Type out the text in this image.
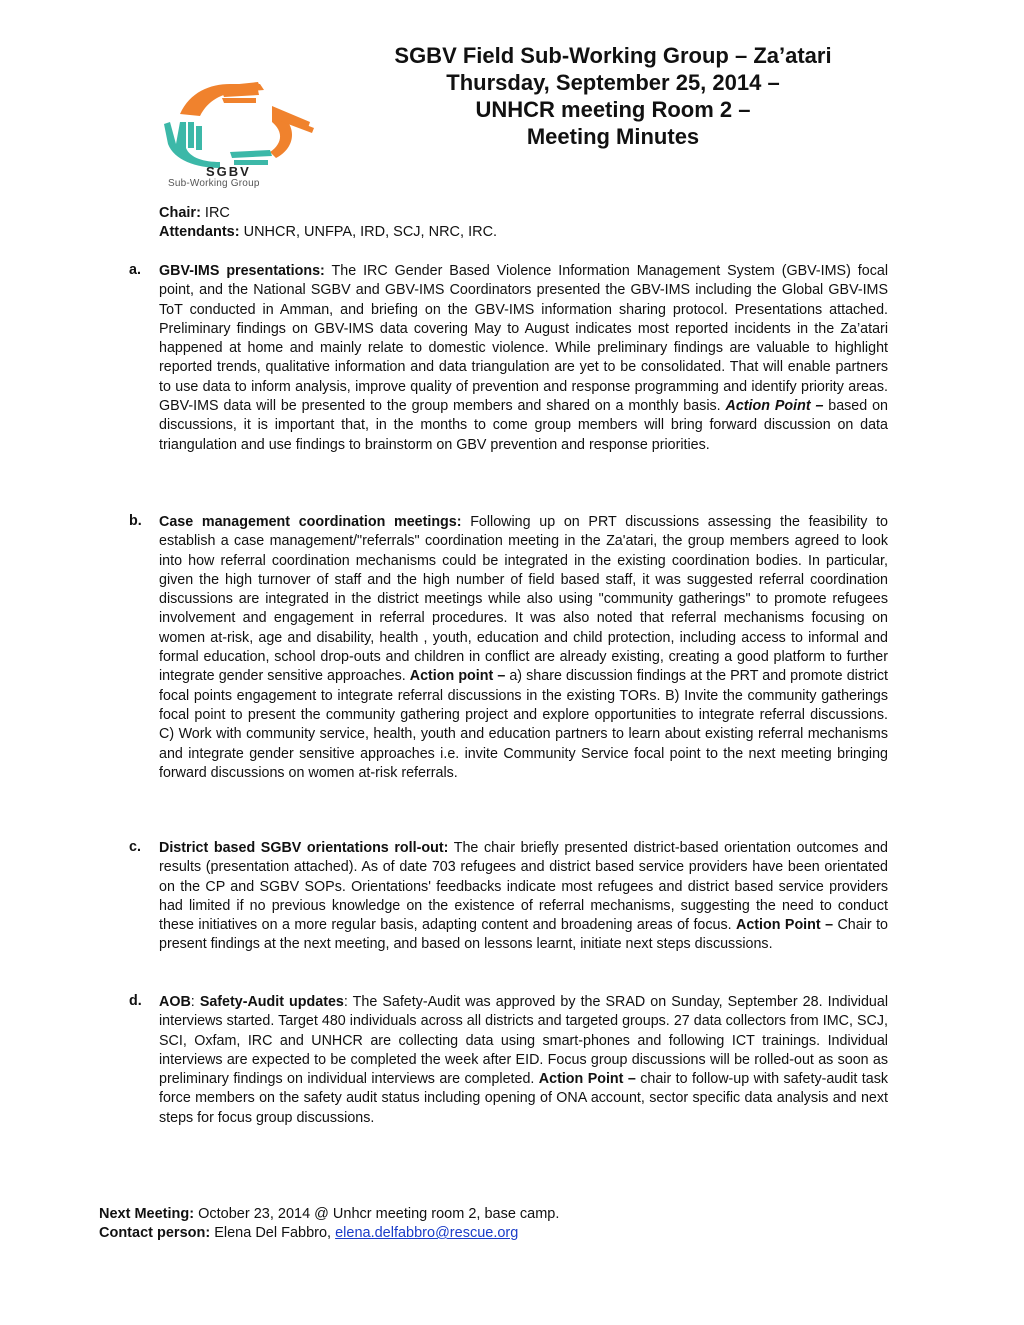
SGBV
Sub-Working Group
SGBV Field Sub-Working Group – Za’atari
Thursday, September 25, 2014 –
UNHCR meeting Room 2 –
Meeting Minutes
Chair: IRC
Attendants: UNHCR, UNFPA, IRD, SCJ, NRC, IRC.
a. GBV-IMS presentations: The IRC Gender Based Violence Information Management System (GBV-IMS) focal point, and the National SGBV and GBV-IMS Coordinators presented the GBV-IMS including the Global GBV-IMS ToT conducted in Amman, and briefing on the GBV-IMS information sharing protocol. Presentations attached. Preliminary findings on GBV-IMS data covering May to August indicates most reported incidents in the Za’atari happened at home and mainly relate to domestic violence. While preliminary findings are valuable to highlight reported trends, qualitative information and data triangulation are yet to be consolidated. That will enable partners to use data to inform analysis, improve quality of prevention and response programming and identify priority areas. GBV-IMS data will be presented to the group members and shared on a monthly basis. Action Point – based on discussions, it is important that, in the months to come group members will bring forward discussion on data triangulation and use findings to brainstorm on GBV prevention and response priorities.
b. Case management coordination meetings: Following up on PRT discussions assessing the feasibility to establish a case management/"referrals" coordination meeting in the Za'atari, the group members agreed to look into how referral coordination mechanisms could be integrated in the existing coordination bodies. In particular, given the high turnover of staff and the high number of field based staff, it was suggested referral coordination discussions are integrated in the district meetings while also using "community gatherings" to promote refugees involvement and engagement in referral procedures. It was also noted that referral mechanisms focusing on women at-risk, age and disability, health , youth, education and child protection, including access to informal and formal education, school drop-outs and children in conflict are already existing, creating a good platform to further integrate gender sensitive approaches. Action point – a) share discussion findings at the PRT and promote district focal points engagement to integrate referral discussions in the existing TORs. B) Invite the community gatherings focal point to present the community gathering project and explore opportunities to integrate referral discussions. C) Work with community service, health, youth and education partners to learn about existing referral mechanisms and integrate gender sensitive approaches i.e. invite Community Service focal point to the next meeting bringing forward discussions on women at-risk referrals.
c. District based SGBV orientations roll-out: The chair briefly presented district-based orientation outcomes and results (presentation attached). As of date 703 refugees and district based service providers have been orientated on the CP and SGBV SOPs. Orientations' feedbacks indicate most refugees and district based service providers had limited if no previous knowledge on the existence of referral mechanisms, suggesting the need to conduct these initiatives on a more regular basis, adapting content and broadening areas of focus. Action Point – Chair to present findings at the next meeting, and based on lessons learnt, initiate next steps discussions.
d. AOB: Safety-Audit updates: The Safety-Audit was approved by the SRAD on Sunday, September 28. Individual interviews started. Target 480 individuals across all districts and targeted groups. 27 data collectors from IMC, SCJ, SCI, Oxfam, IRC and UNHCR are collecting data using smart-phones and following ICT trainings. Individual interviews are expected to be completed the week after EID. Focus group discussions will be rolled-out as soon as preliminary findings on individual interviews are completed. Action Point – chair to follow-up with safety-audit task force members on the safety audit status including opening of ONA account, sector specific data analysis and next steps for focus group discussions.
Next Meeting: October 23, 2014 @ Unhcr meeting room 2, base camp.
Contact person: Elena Del Fabbro, elena.delfabbro@rescue.org
